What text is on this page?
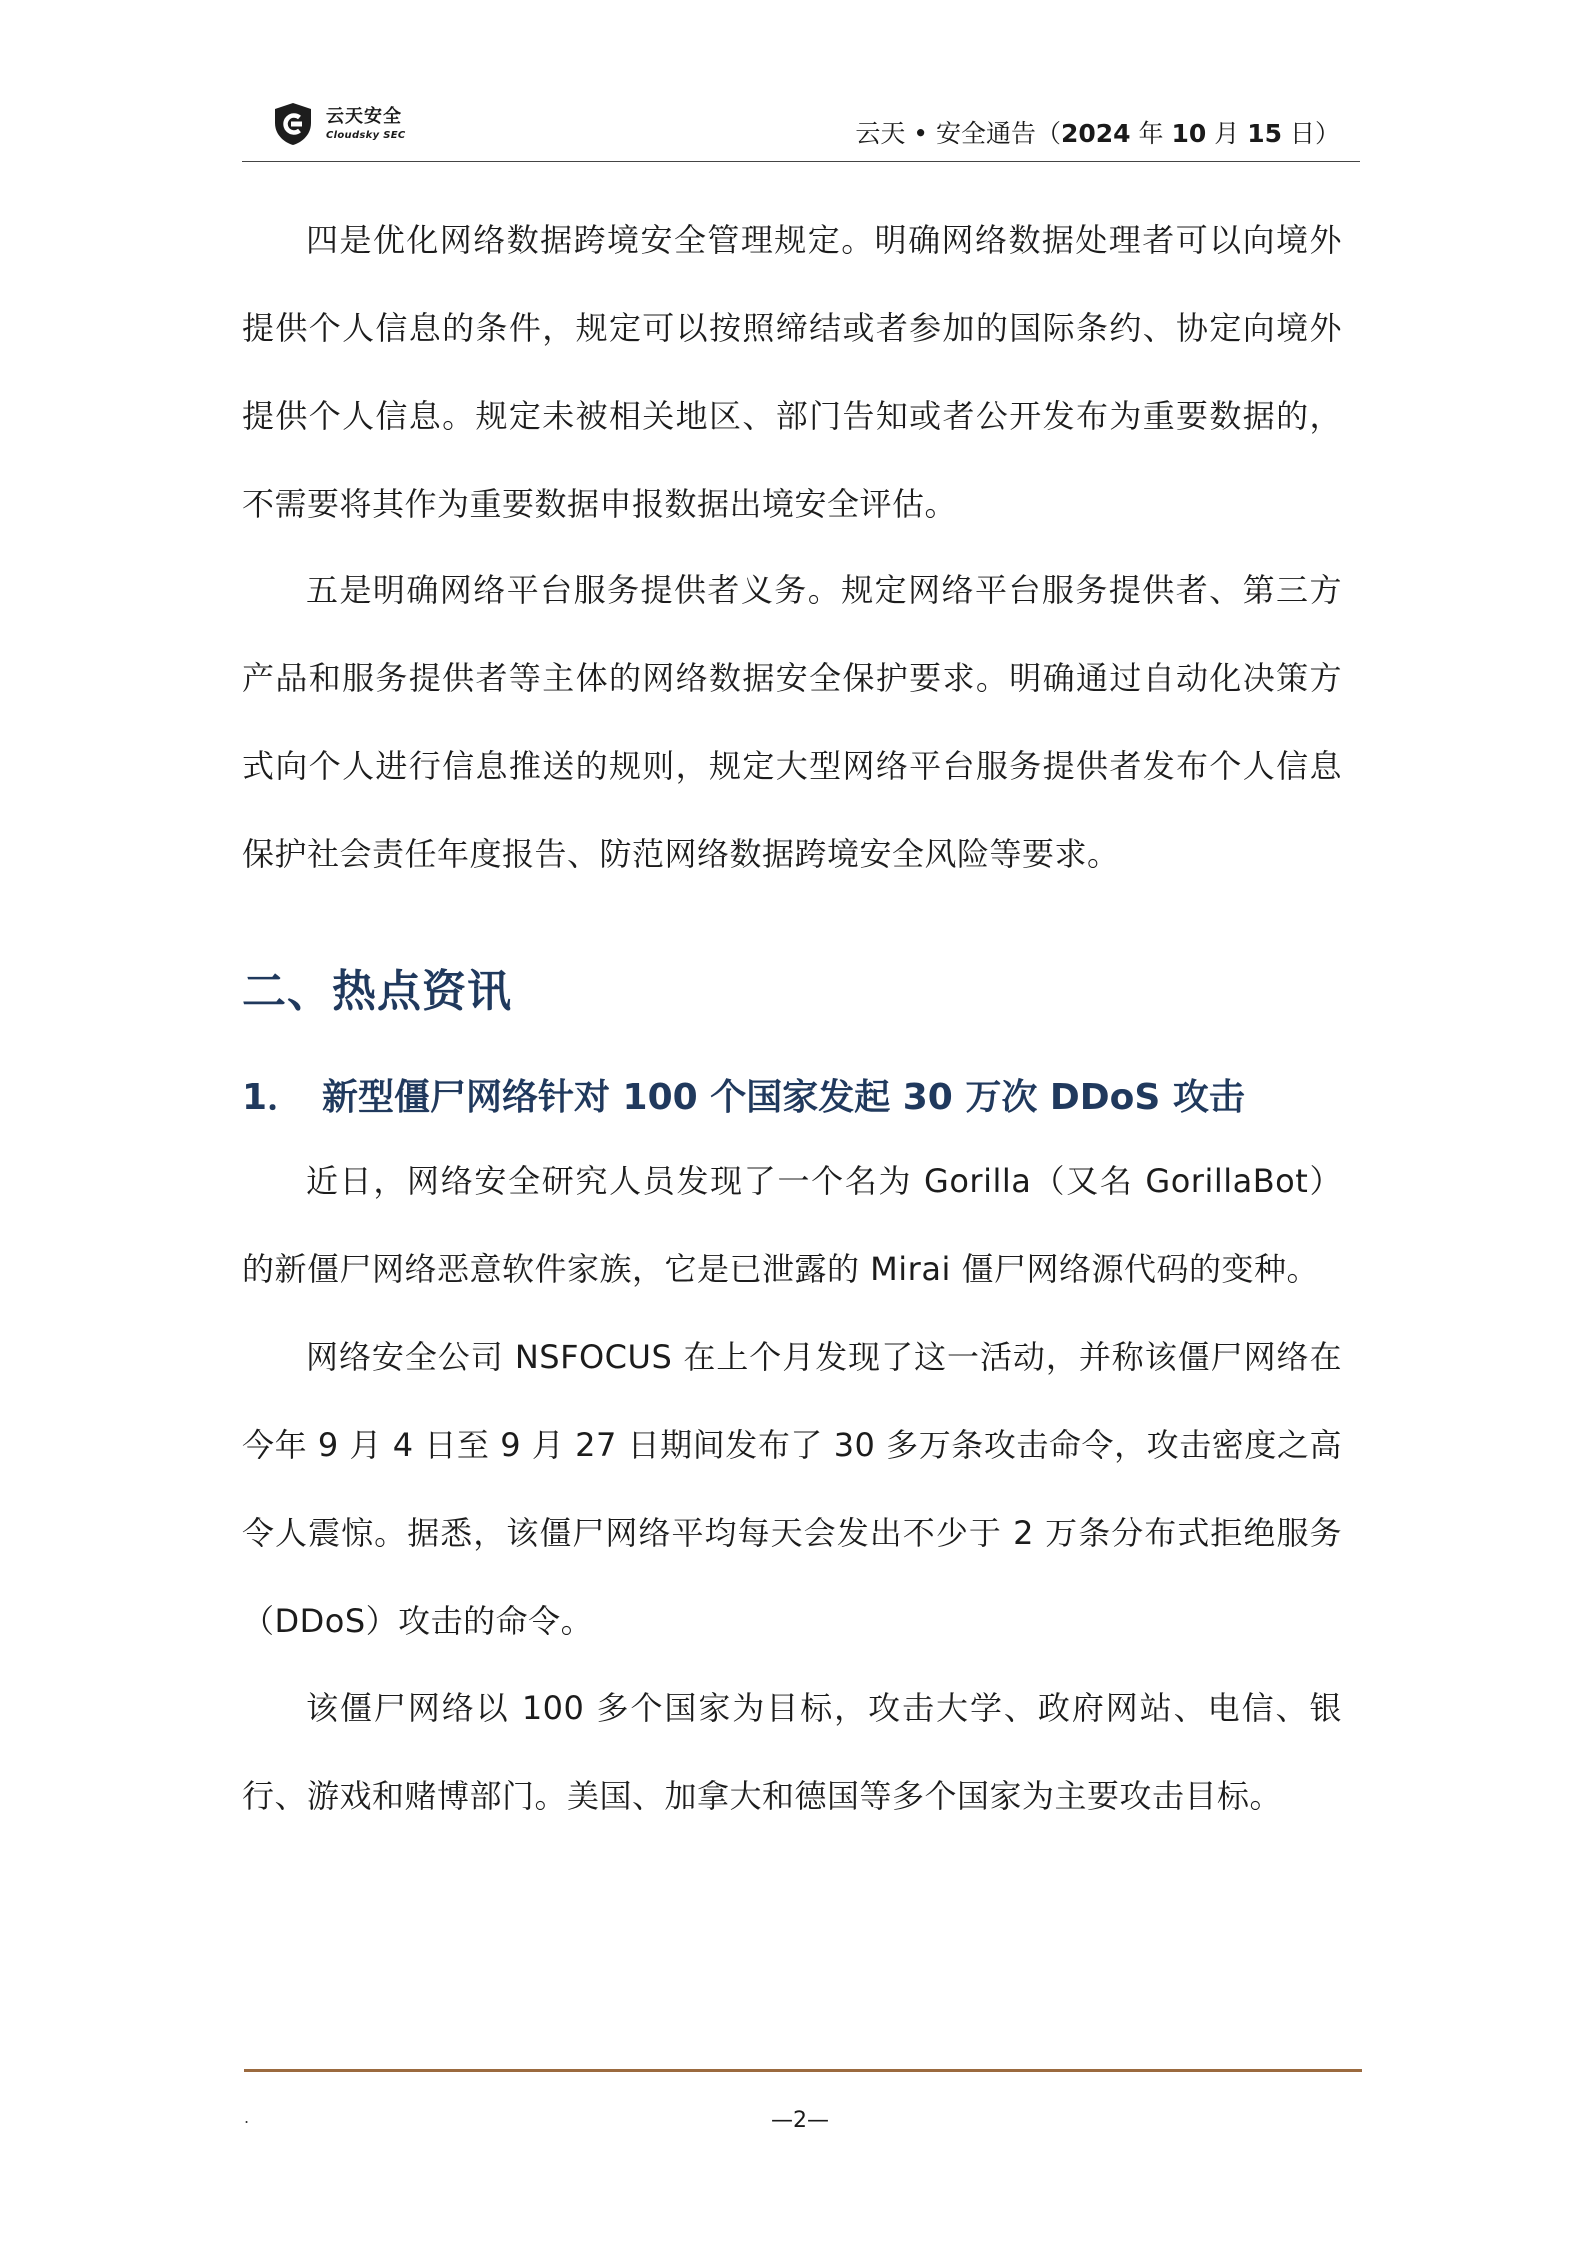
云天安全
Cloudsky SEC	云天 • 安全通告（2024 年 10 月 15 日）

四是优化网络数据跨境安全管理规定。明确网络数据处理者可以向境外提供个人信息的条件，规定可以按照缔结或者参加的国际条约、协定向境外提供个人信息。规定未被相关地区、部门告知或者公开发布为重要数据的，不需要将其作为重要数据申报数据出境安全评估。

五是明确网络平台服务提供者义务。规定网络平台服务提供者、第三方产品和服务提供者等主体的网络数据安全保护要求。明确通过自动化决策方式向个人进行信息推送的规则，规定大型网络平台服务提供者发布个人信息保护社会责任年度报告、防范网络数据跨境安全风险等要求。

二、热点资讯
1． 新型僵尸网络针对 100 个国家发起 30 万次 DDoS 攻击

近日，网络安全研究人员发现了一个名为 Gorilla（又名 GorillaBot）的新僵尸网络恶意软件家族，它是已泄露的 Mirai 僵尸网络源代码的变种。

网络安全公司 NSFOCUS 在上个月发现了这一活动，并称该僵尸网络在今年 9 月 4 日至 9 月 27 日期间发布了 30 多万条攻击命令，攻击密度之高令人震惊。据悉，该僵尸网络平均每天会发出不少于 2 万条分布式拒绝服务（DDoS）攻击的命令。

该僵尸网络以 100 多个国家为目标，攻击大学、政府网站、电信、银行、游戏和赌博部门。美国、加拿大和德国等多个国家为主要攻击目标。

.	—2—
